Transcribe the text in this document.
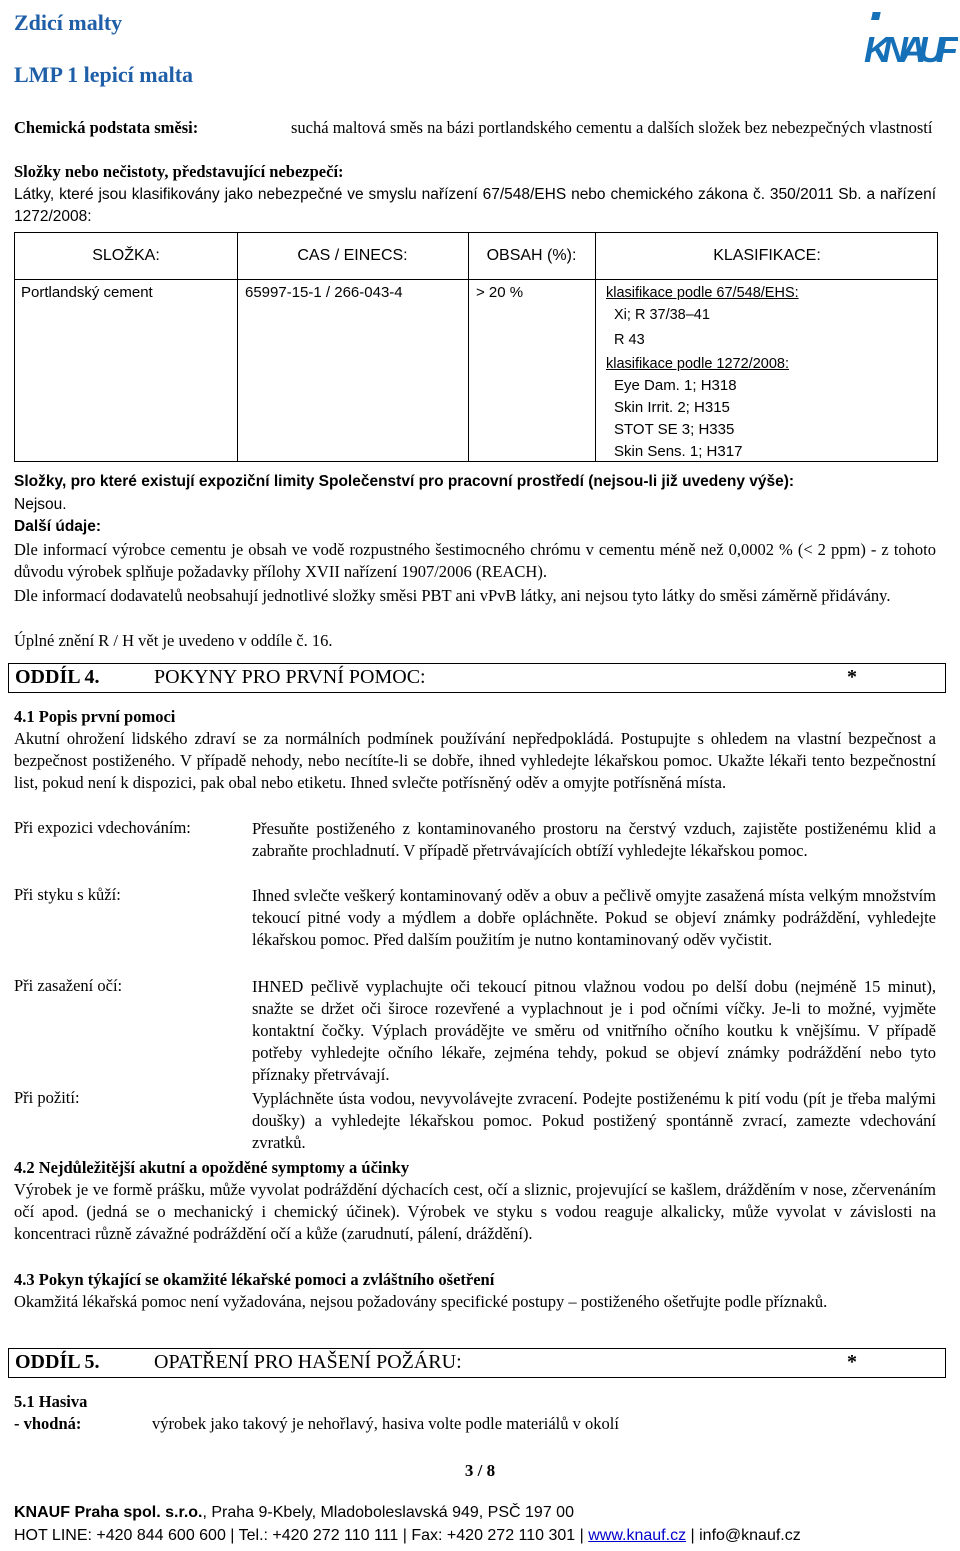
Zdicí malty
LMP 1 lepicí malta
KNAUF
Chemická podstata směsi:	suchá maltová směs na bázi portlandského cementu a dalších složek bez nebezpečných vlastností
Složky nebo nečistoty, představující nebezpečí:
Látky, které jsou klasifikovány jako nebezpečné ve smyslu nařízení 67/548/EHS nebo chemického zákona č. 350/2011 Sb. a nařízení 1272/2008:
SLOŽKA:	CAS / EINECS:	OBSAH (%):	KLASIFIKACE:
Portlandský cement	65997-15-1 / 266-043-4	> 20 %	klasifikace podle 67/548/EHS:
Xi; R 37/38–41
R 43
klasifikace podle 1272/2008:
Eye Dam. 1; H318
Skin Irrit. 2; H315
STOT SE 3; H335
Skin Sens. 1; H317
Složky, pro které existují expoziční limity Společenství pro pracovní prostředí (nejsou-li již uvedeny výše):
Nejsou.
Další údaje:
Dle informací výrobce cementu je obsah ve vodě rozpustného šestimocného chrómu v cementu méně než 0,0002 % (< 2 ppm) - z tohoto důvodu výrobek splňuje požadavky přílohy XVII nařízení 1907/2006 (REACH).
Dle informací dodavatelů neobsahují jednotlivé složky směsi PBT ani vPvB látky, ani nejsou tyto látky do směsi záměrně přidávány.
Úplné znění R / H vět je uvedeno v oddíle č. 16.
ODDÍL 4.	POKYNY PRO PRVNÍ POMOC:	*
4.1 Popis první pomoci
Akutní ohrožení lidského zdraví se za normálních podmínek používání nepředpokládá. Postupujte s ohledem na vlastní bezpečnost a bezpečnost postiženého. V případě nehody, nebo necítíte-li se dobře, ihned vyhledejte lékařskou pomoc. Ukažte lékaři tento bezpečnostní list, pokud není k dispozici, pak obal nebo etiketu. Ihned svlečte potřísněný oděv a omyjte potřísněná místa.
Při expozici vdechováním:	Přesuňte postiženého z kontaminovaného prostoru na čerstvý vzduch, zajistěte postiženému klid a zabraňte prochladnutí. V případě přetrvávajících obtíží vyhledejte lékařskou pomoc.
Při styku s kůží:	Ihned svlečte veškerý kontaminovaný oděv a obuv a pečlivě omyjte zasažená místa velkým množstvím tekoucí pitné vody a mýdlem a dobře opláchněte. Pokud se objeví známky podráždění, vyhledejte lékařskou pomoc. Před dalším použitím je nutno kontaminovaný oděv vyčistit.
Při zasažení očí:	IHNED pečlivě vyplachujte oči tekoucí pitnou vlažnou vodou po delší dobu (nejméně 15 minut), snažte se držet oči široce rozevřené a vyplachnout je i pod očními víčky. Je-li to možné, vyjměte kontaktní čočky. Výplach provádějte ve směru od vnitřního očního koutku k vnějšímu. V případě potřeby vyhledejte očního lékaře, zejména tehdy, pokud se objeví známky podráždění nebo tyto příznaky přetrvávají.
Při požití:	Vypláchněte ústa vodou, nevyvolávejte zvracení. Podejte postiženému k pití vodu (pít je třeba malými doušky) a vyhledejte lékařskou pomoc. Pokud postižený spontánně zvrací, zamezte vdechování zvratků.
4.2 Nejdůležitější akutní a opožděné symptomy a účinky
Výrobek je ve formě prášku, může vyvolat podráždění dýchacích cest, očí a sliznic, projevující se kašlem, drážděním v nose, zčervenáním očí apod. (jedná se o mechanický i chemický účinek). Výrobek ve styku s vodou reaguje alkalicky, může vyvolat v závislosti na koncentraci různě závažné podráždění očí a kůže (zarudnutí, pálení, dráždění).
4.3 Pokyn týkající se okamžité lékařské pomoci a zvláštního ošetření
Okamžitá lékařská pomoc není vyžadována, nejsou požadovány specifické postupy – postiženého ošetřujte podle příznaků.
ODDÍL 5.	OPATŘENÍ PRO HAŠENÍ POŽÁRU:	*
5.1 Hasiva
- vhodná:	výrobek jako takový je nehořlavý, hasiva volte podle materiálů v okolí
3 / 8
KNAUF Praha spol. s.r.o., Praha 9-Kbely, Mladoboleslavská 949, PSČ 197 00
HOT LINE: +420 844 600 600 | Tel.: +420 272 110 111 | Fax: +420 272 110 301 | www.knauf.cz | info@knauf.cz
